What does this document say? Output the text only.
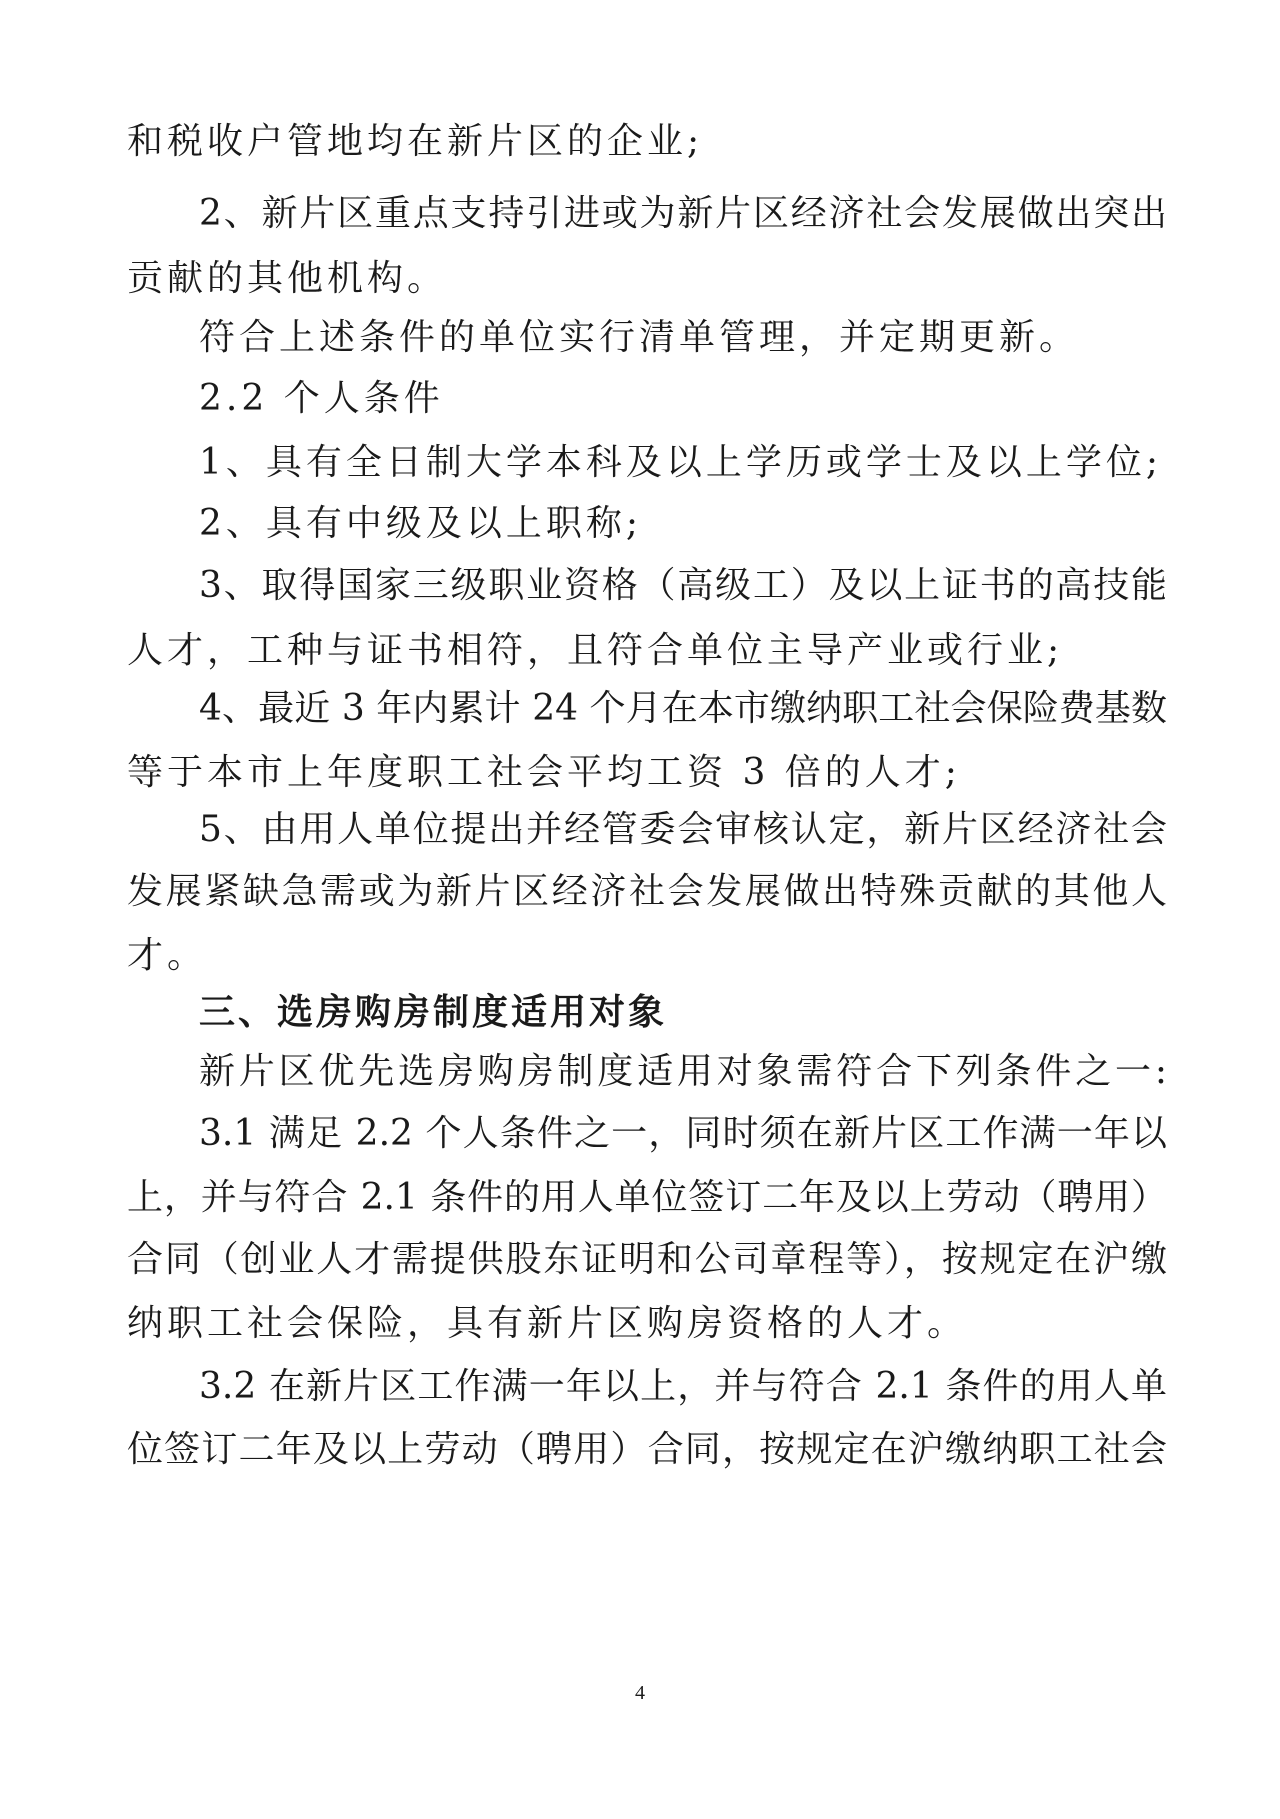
和税收户管地均在新片区的企业;
2、新片区重点支持引进或为新片区经济社会发展做出突出
贡献的其他机构。
符合上述条件的单位实行清单管理，并定期更新。
2.2 个人条件
1、具有全日制大学本科及以上学历或学士及以上学位;
2、具有中级及以上职称;
3、取得国家三级职业资格（高级工）及以上证书的高技能
人才，工种与证书相符，且符合单位主导产业或行业;
4、最近 3 年内累计 24 个月在本市缴纳职工社会保险费基数
等于本市上年度职工社会平均工资 3 倍的人才;
5、由用人单位提出并经管委会审核认定，新片区经济社会
发展紧缺急需或为新片区经济社会发展做出特殊贡献的其他人
才。
三、选房购房制度适用对象
新片区优先选房购房制度适用对象需符合下列条件之一:
3.1 满足 2.2 个人条件之一，同时须在新片区工作满一年以
上，并与符合 2.1 条件的用人单位签订二年及以上劳动（聘用）
合同（创业人才需提供股东证明和公司章程等），按规定在沪缴
纳职工社会保险，具有新片区购房资格的人才。
3.2 在新片区工作满一年以上，并与符合 2.1 条件的用人单
位签订二年及以上劳动（聘用）合同，按规定在沪缴纳职工社会
4
